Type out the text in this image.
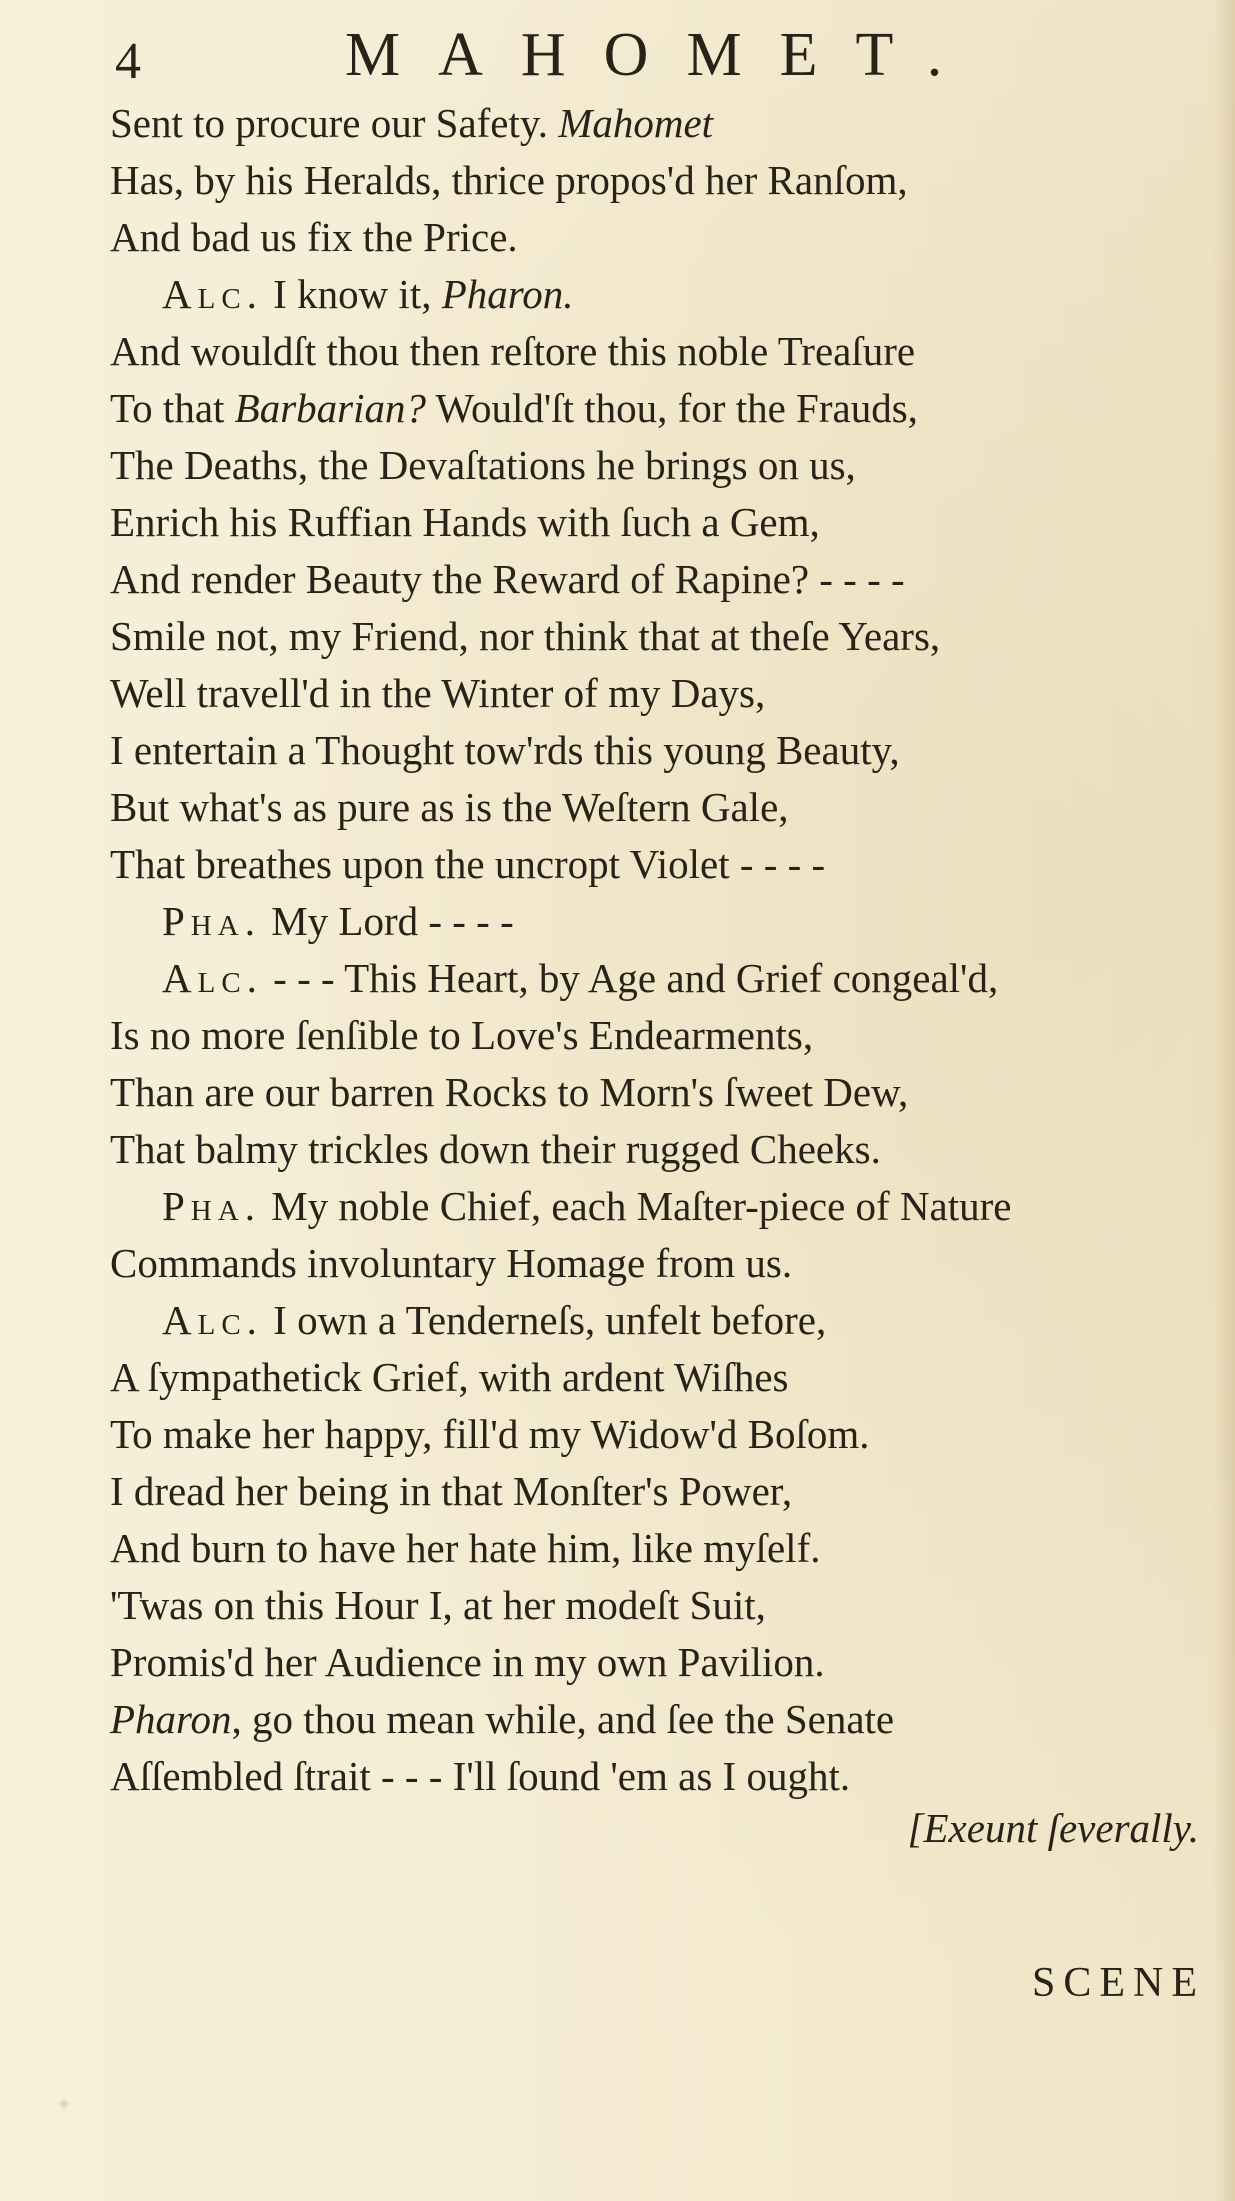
4	MAHOMET.
Sent to procure our Safety. Mahomet
Has, by his Heralds, thrice propos'd her Ranſom,
And bad us fix the Price.
Alc. I know it, Pharon.
And wouldſt thou then reſtore this noble Treaſure
To that Barbarian? Would'ſt thou, for the Frauds,
The Deaths, the Devaſtations he brings on us,
Enrich his Ruffian Hands with ſuch a Gem,
And render Beauty the Reward of Rapine? - - - -
Smile not, my Friend, nor think that at theſe Years,
Well travell'd in the Winter of my Days,
I entertain a Thought tow'rds this young Beauty,
But what's as pure as is the Weſtern Gale,
That breathes upon the uncropt Violet - - - -
Pha. My Lord - - - -
Alc. - - - This Heart, by Age and Grief congeal'd,
Is no more ſenſible to Love's Endearments,
Than are our barren Rocks to Morn's ſweet Dew,
That balmy trickles down their rugged Cheeks.
Pha. My noble Chief, each Maſter-piece of Nature
Commands involuntary Homage from us.
Alc. I own a Tenderneſs, unfelt before,
A ſympathetick Grief, with ardent Wiſhes
To make her happy, fill'd my Widow'd Boſom.
I dread her being in that Monſter's Power,
And burn to have her hate him, like myſelf.
'Twas on this Hour I, at her modeſt Suit,
Promis'd her Audience in my own Pavilion.
Pharon, go thou mean while, and ſee the Senate
Aſſembled ſtrait - - - I'll ſound 'em as I ought.
[Exeunt ſeverally.
SCENE
